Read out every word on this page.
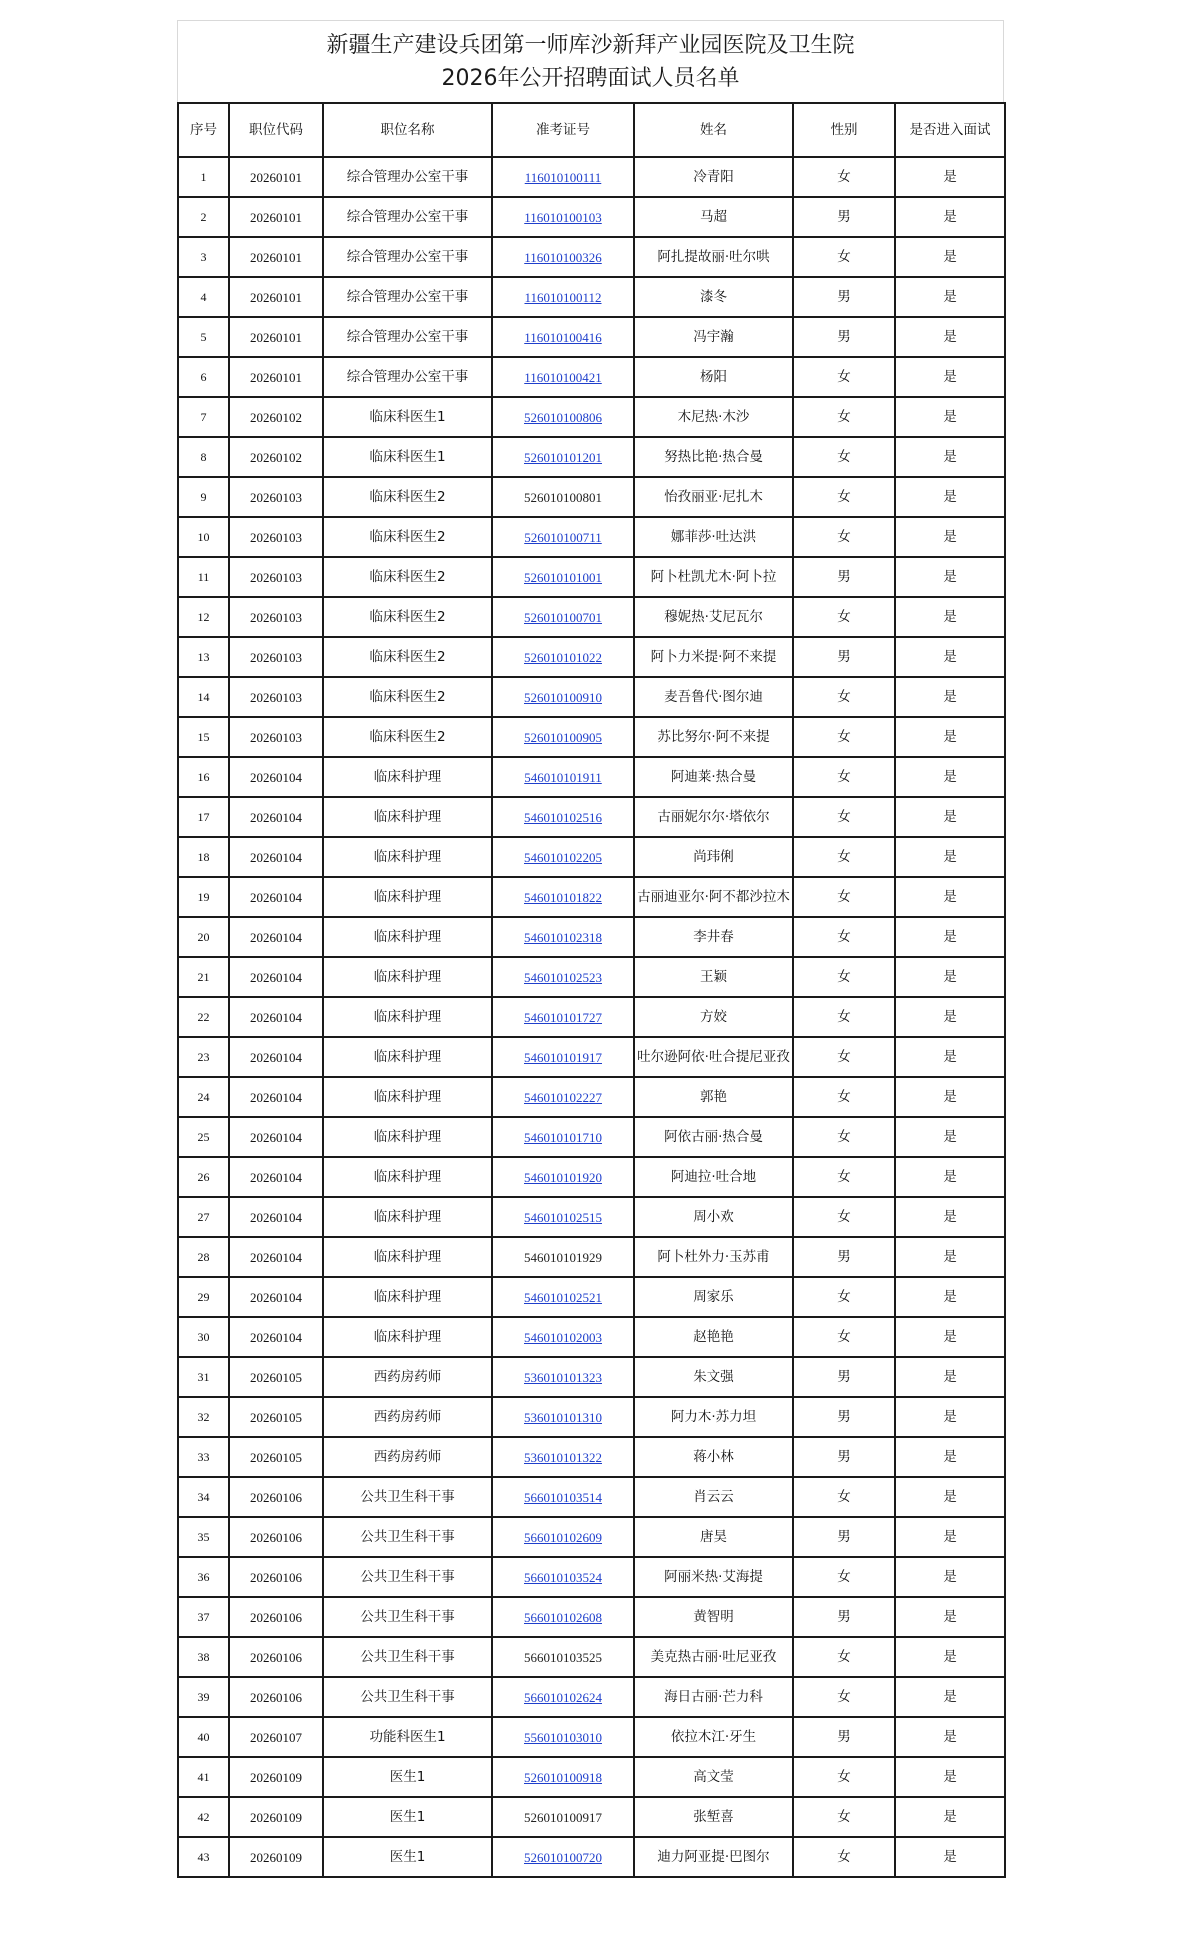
新疆生产建设兵团第一师库沙新拜产业园医院及卫生院
2026年公开招聘面试人员名单
序号	职位代码	职位名称	准考证号	姓名	性别	是否进入面试
1	20260101	综合管理办公室干事	116010100111	冷青阳	女	是
2	20260101	综合管理办公室干事	116010100103	马超	男	是
3	20260101	综合管理办公室干事	116010100326	阿扎提故丽·吐尔哄	女	是
4	20260101	综合管理办公室干事	116010100112	漆冬	男	是
5	20260101	综合管理办公室干事	116010100416	冯宇瀚	男	是
6	20260101	综合管理办公室干事	116010100421	杨阳	女	是
7	20260102	临床科医生1	526010100806	木尼热·木沙	女	是
8	20260102	临床科医生1	526010101201	努热比艳·热合曼	女	是
9	20260103	临床科医生2	526010100801	怡孜丽亚·尼扎木	女	是
10	20260103	临床科医生2	526010100711	娜菲莎·吐达洪	女	是
11	20260103	临床科医生2	526010101001	阿卜杜凯尤木·阿卜拉	男	是
12	20260103	临床科医生2	526010100701	穆妮热·艾尼瓦尔	女	是
13	20260103	临床科医生2	526010101022	阿卜力米提·阿不来提	男	是
14	20260103	临床科医生2	526010100910	麦吾鲁代·图尔迪	女	是
15	20260103	临床科医生2	526010100905	苏比努尔·阿不来提	女	是
16	20260104	临床科护理	546010101911	阿迪莱·热合曼	女	是
17	20260104	临床科护理	546010102516	古丽妮尔尔·塔依尔	女	是
18	20260104	临床科护理	546010102205	尚玮俐	女	是
19	20260104	临床科护理	546010101822	古丽迪亚尔·阿不都沙拉木	女	是
20	20260104	临床科护理	546010102318	李井春	女	是
21	20260104	临床科护理	546010102523	王颖	女	是
22	20260104	临床科护理	546010101727	方姣	女	是
23	20260104	临床科护理	546010101917	吐尔逊阿依·吐合提尼亚孜	女	是
24	20260104	临床科护理	546010102227	郭艳	女	是
25	20260104	临床科护理	546010101710	阿依古丽·热合曼	女	是
26	20260104	临床科护理	546010101920	阿迪拉·吐合地	女	是
27	20260104	临床科护理	546010102515	周小欢	女	是
28	20260104	临床科护理	546010101929	阿卜杜外力·玉苏甫	男	是
29	20260104	临床科护理	546010102521	周家乐	女	是
30	20260104	临床科护理	546010102003	赵艳艳	女	是
31	20260105	西药房药师	536010101323	朱文强	男	是
32	20260105	西药房药师	536010101310	阿力木·苏力坦	男	是
33	20260105	西药房药师	536010101322	蒋小林	男	是
34	20260106	公共卫生科干事	566010103514	肖云云	女	是
35	20260106	公共卫生科干事	566010102609	唐昊	男	是
36	20260106	公共卫生科干事	566010103524	阿丽米热·艾海提	女	是
37	20260106	公共卫生科干事	566010102608	黄智明	男	是
38	20260106	公共卫生科干事	566010103525	美克热古丽·吐尼亚孜	女	是
39	20260106	公共卫生科干事	566010102624	海日古丽·芒力科	女	是
40	20260107	功能科医生1	556010103010	依拉木江·牙生	男	是
41	20260109	医生1	526010100918	高文莹	女	是
42	20260109	医生1	526010100917	张堑喜	女	是
43	20260109	医生1	526010100720	迪力阿亚提·巴图尔	女	是
